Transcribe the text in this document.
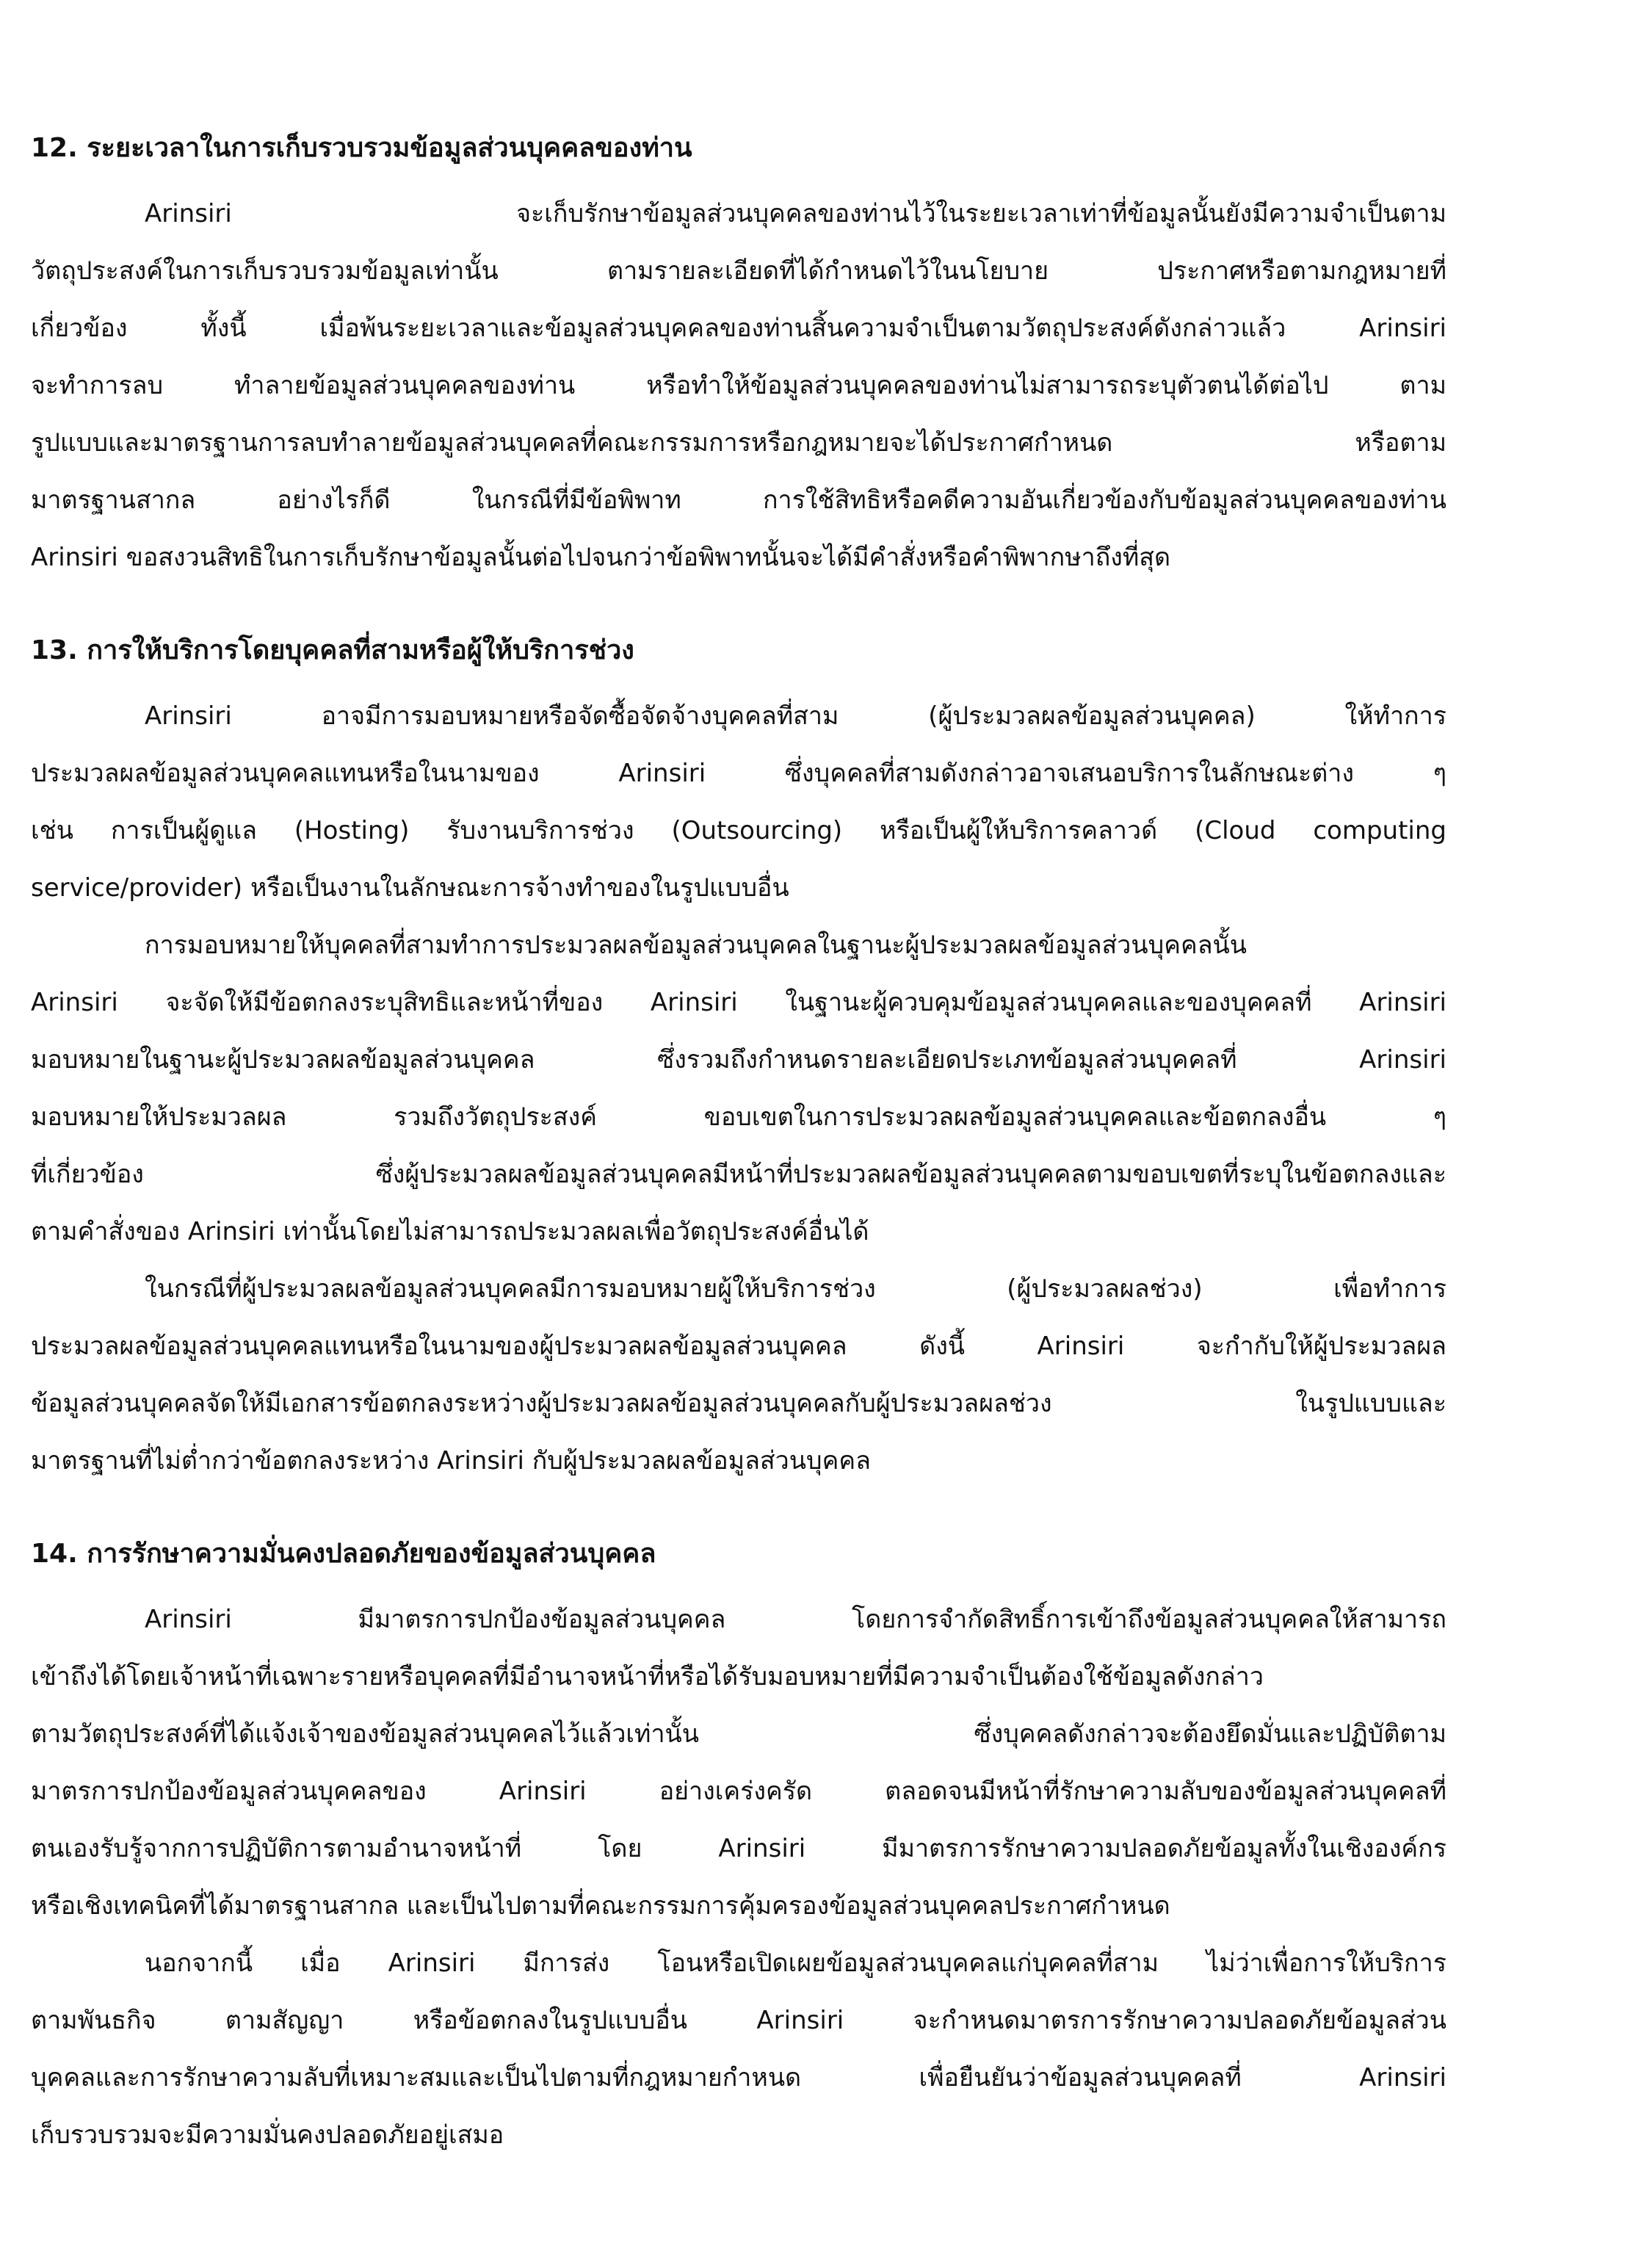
12. ระยะเวลาในการเก็บรวบรวมข้อมูลส่วนบุคคลของท่าน
Arinsiri จะเก็บรักษาข้อมูลส่วนบุคคลของท่านไว้ในระยะเวลาเท่าที่ข้อมูลนั้นยังมีความจำเป็นตาม
วัตถุประสงค์ในการเก็บรวบรวมข้อมูลเท่านั้น ตามรายละเอียดที่ได้กำหนดไว้ในนโยบาย ประกาศหรือตามกฎหมายที่
เกี่ยวข้อง ทั้งนี้ เมื่อพ้นระยะเวลาและข้อมูลส่วนบุคคลของท่านสิ้นความจำเป็นตามวัตถุประสงค์ดังกล่าวแล้ว Arinsiri
จะทำการลบ ทำลายข้อมูลส่วนบุคคลของท่าน หรือทำให้ข้อมูลส่วนบุคคลของท่านไม่สามารถระบุตัวตนได้ต่อไป ตาม
รูปแบบและมาตรฐานการลบทำลายข้อมูลส่วนบุคคลที่คณะกรรมการหรือกฎหมายจะได้ประกาศกำหนด หรือตาม
มาตรฐานสากล อย่างไรก็ดี ในกรณีที่มีข้อพิพาท การใช้สิทธิหรือคดีความอันเกี่ยวข้องกับข้อมูลส่วนบุคคลของท่าน
Arinsiri ขอสงวนสิทธิในการเก็บรักษาข้อมูลนั้นต่อไปจนกว่าข้อพิพาทนั้นจะได้มีคำสั่งหรือคำพิพากษาถึงที่สุด
13. การให้บริการโดยบุคคลที่สามหรือผู้ให้บริการช่วง
Arinsiri อาจมีการมอบหมายหรือจัดซื้อจัดจ้างบุคคลที่สาม (ผู้ประมวลผลข้อมูลส่วนบุคคล) ให้ทำการ
ประมวลผลข้อมูลส่วนบุคคลแทนหรือในนามของ Arinsiri ซึ่งบุคคลที่สามดังกล่าวอาจเสนอบริการในลักษณะต่าง ๆ
เช่น การเป็นผู้ดูแล (Hosting) รับงานบริการช่วง (Outsourcing) หรือเป็นผู้ให้บริการคลาวด์ (Cloud computing
service/provider) หรือเป็นงานในลักษณะการจ้างทำของในรูปแบบอื่น
การมอบหมายให้บุคคลที่สามทำการประมวลผลข้อมูลส่วนบุคคลในฐานะผู้ประมวลผลข้อมูลส่วนบุคคลนั้น
Arinsiri จะจัดให้มีข้อตกลงระบุสิทธิและหน้าที่ของ Arinsiri ในฐานะผู้ควบคุมข้อมูลส่วนบุคคลและของบุคคลที่ Arinsiri
มอบหมายในฐานะผู้ประมวลผลข้อมูลส่วนบุคคล ซึ่งรวมถึงกำหนดรายละเอียดประเภทข้อมูลส่วนบุคคลที่ Arinsiri
มอบหมายให้ประมวลผล รวมถึงวัตถุประสงค์ ขอบเขตในการประมวลผลข้อมูลส่วนบุคคลและข้อตกลงอื่น ๆ
ที่เกี่ยวข้อง ซึ่งผู้ประมวลผลข้อมูลส่วนบุคคลมีหน้าที่ประมวลผลข้อมูลส่วนบุคคลตามขอบเขตที่ระบุในข้อตกลงและ
ตามคำสั่งของ Arinsiri เท่านั้นโดยไม่สามารถประมวลผลเพื่อวัตถุประสงค์อื่นได้
ในกรณีที่ผู้ประมวลผลข้อมูลส่วนบุคคลมีการมอบหมายผู้ให้บริการช่วง (ผู้ประมวลผลช่วง) เพื่อทำการ
ประมวลผลข้อมูลส่วนบุคคลแทนหรือในนามของผู้ประมวลผลข้อมูลส่วนบุคคล ดังนี้ Arinsiri จะกำกับให้ผู้ประมวลผล
ข้อมูลส่วนบุคคลจัดให้มีเอกสารข้อตกลงระหว่างผู้ประมวลผลข้อมูลส่วนบุคคลกับผู้ประมวลผลช่วง ในรูปแบบและ
มาตรฐานที่ไม่ต่ำกว่าข้อตกลงระหว่าง Arinsiri กับผู้ประมวลผลข้อมูลส่วนบุคคล
14. การรักษาความมั่นคงปลอดภัยของข้อมูลส่วนบุคคล
Arinsiri มีมาตรการปกป้องข้อมูลส่วนบุคคล โดยการจำกัดสิทธิ์การเข้าถึงข้อมูลส่วนบุคคลให้สามารถ
เข้าถึงได้โดยเจ้าหน้าที่เฉพาะรายหรือบุคคลที่มีอำนาจหน้าที่หรือได้รับมอบหมายที่มีความจำเป็นต้องใช้ข้อมูลดังกล่าว
ตามวัตถุประสงค์ที่ได้แจ้งเจ้าของข้อมูลส่วนบุคคลไว้แล้วเท่านั้น ซึ่งบุคคลดังกล่าวจะต้องยึดมั่นและปฏิบัติตาม
มาตรการปกป้องข้อมูลส่วนบุคคลของ Arinsiri อย่างเคร่งครัด ตลอดจนมีหน้าที่รักษาความลับของข้อมูลส่วนบุคคลที่
ตนเองรับรู้จากการปฏิบัติการตามอำนาจหน้าที่ โดย Arinsiri มีมาตรการรักษาความปลอดภัยข้อมูลทั้งในเชิงองค์กร
หรือเชิงเทคนิคที่ได้มาตรฐานสากล และเป็นไปตามที่คณะกรรมการคุ้มครองข้อมูลส่วนบุคคลประกาศกำหนด
นอกจากนี้ เมื่อ Arinsiri มีการส่ง โอนหรือเปิดเผยข้อมูลส่วนบุคคลแก่บุคคลที่สาม ไม่ว่าเพื่อการให้บริการ
ตามพันธกิจ ตามสัญญา หรือข้อตกลงในรูปแบบอื่น Arinsiri จะกำหนดมาตรการรักษาความปลอดภัยข้อมูลส่วน
บุคคลและการรักษาความลับที่เหมาะสมและเป็นไปตามที่กฎหมายกำหนด เพื่อยืนยันว่าข้อมูลส่วนบุคคลที่ Arinsiri
เก็บรวบรวมจะมีความมั่นคงปลอดภัยอยู่เสมอ
